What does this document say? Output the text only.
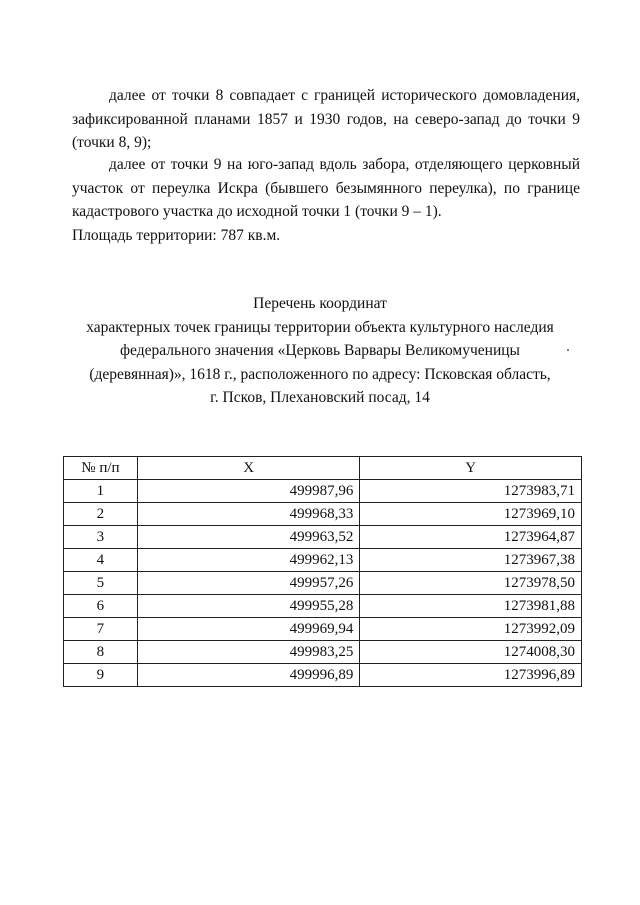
далее от точки 8 совпадает с границей исторического домовладения, зафиксированной планами 1857 и 1930 годов, на северо-запад до точки 9 (точки 8, 9);
далее от точки 9 на юго-запад вдоль забора, отделяющего церковный участок от переулка Искра (бывшего безымянного переулка), по границе кадастрового участка до исходной точки 1 (точки 9 – 1).
Площадь территории: 787 кв.м.
Перечень координат
характерных точек границы территории объекта культурного наследия
федерального значения «Церковь Варвары Великомученицы
(деревянная)», 1618 г., расположенного по адресу: Псковская область,
г. Псков, Плехановский посад, 14
№ п/п	X	Y
1	499987,96	1273983,71
2	499968,33	1273969,10
3	499963,52	1273964,87
4	499962,13	1273967,38
5	499957,26	1273978,50
6	499955,28	1273981,88
7	499969,94	1273992,09
8	499983,25	1274008,30
9	499996,89	1273996,89
